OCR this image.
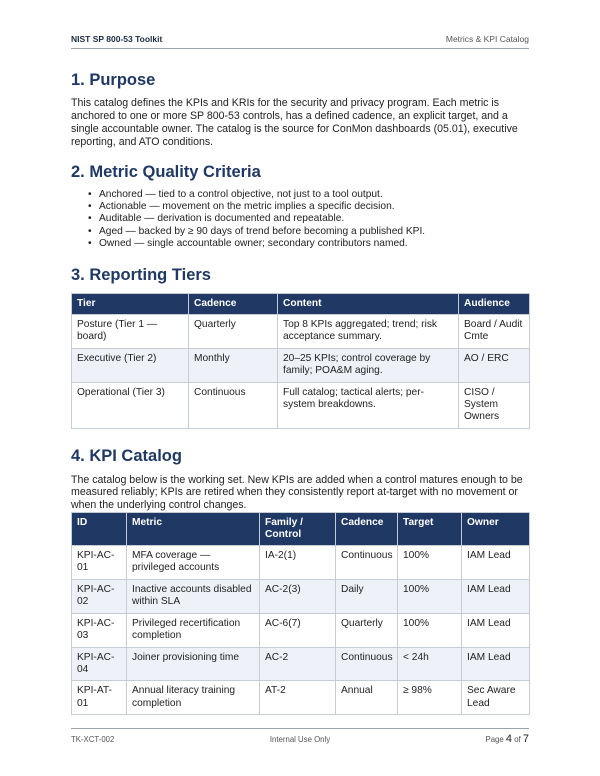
NIST SP 800-53 Toolkit	Metrics & KPI Catalog
1. Purpose

This catalog defines the KPIs and KRIs for the security and privacy program. Each metric is anchored to one or more SP 800-53 controls, has a defined cadence, an explicit target, and a single accountable owner. The catalog is the source for ConMon dashboards (05.01), executive reporting, and ATO conditions.

2. Metric Quality Criteria
• Anchored — tied to a control objective, not just to a tool output.
• Actionable — movement on the metric implies a specific decision.
• Auditable — derivation is documented and repeatable.
• Aged — backed by ≥ 90 days of trend before becoming a published KPI.
• Owned — single accountable owner; secondary contributors named.
3. Reporting Tiers
Tier	Cadence	Content	Audience
Posture (Tier 1 — board)	Quarterly	Top 8 KPIs aggregated; trend; risk acceptance summary.	Board / Audit Cmte
Executive (Tier 2)	Monthly	20–25 KPIs; control coverage by family; POA&M aging.	AO / ERC
Operational (Tier 3)	Continuous	Full catalog; tactical alerts; per-system breakdowns.	CISO / System Owners
4. KPI Catalog

The catalog below is the working set. New KPIs are added when a control matures enough to be measured reliably; KPIs are retired when they consistently report at-target with no movement or when the underlying control changes.

ID	Metric	Family / Control	Cadence	Target	Owner
KPI-AC-01	MFA coverage — privileged accounts	IA-2(1)	Continuous	100%	IAM Lead
KPI-AC-02	Inactive accounts disabled within SLA	AC-2(3)	Daily	100%	IAM Lead
KPI-AC-03	Privileged recertification completion	AC-6(7)	Quarterly	100%	IAM Lead
KPI-AC-04	Joiner provisioning time	AC-2	Continuous	< 24h	IAM Lead
KPI-AT-01	Annual literacy training completion	AT-2	Annual	≥ 98%	Sec Aware Lead
TK-XCT-002	Internal Use Only	Page 4 of 7
